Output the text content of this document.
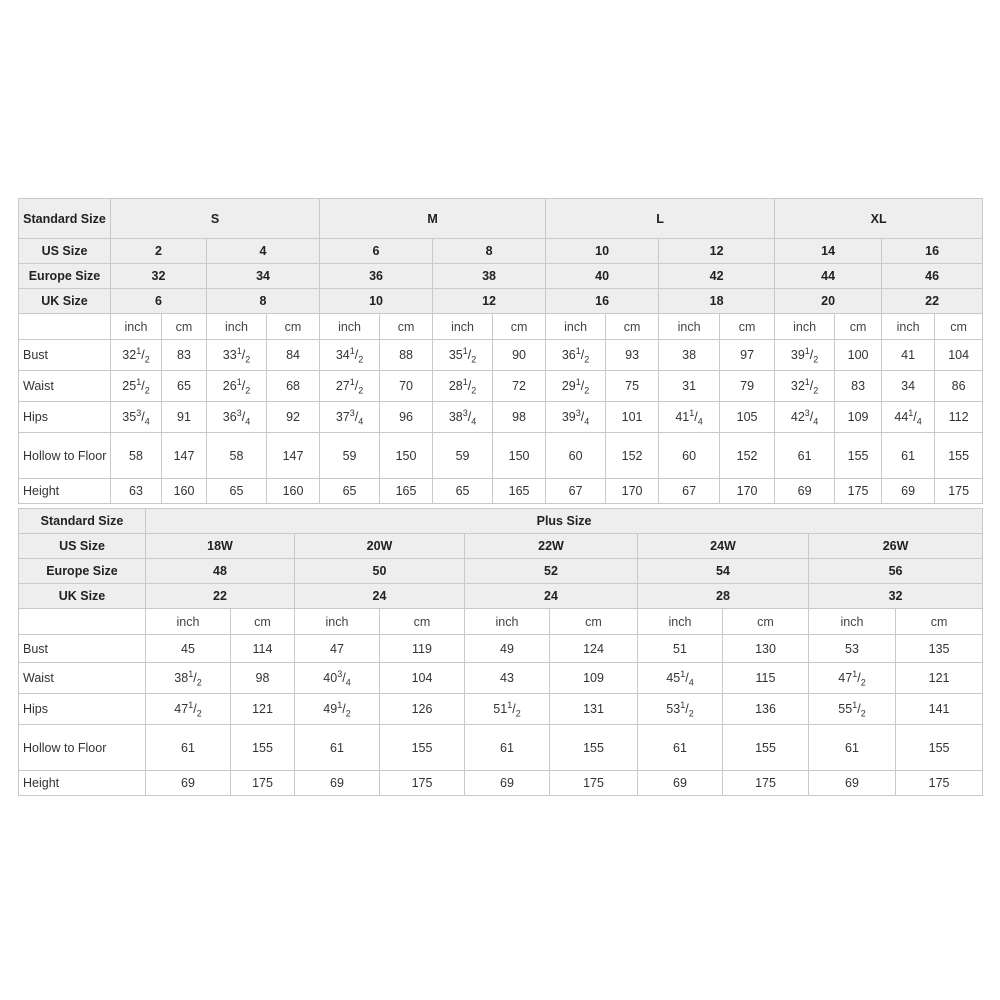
Standard Size	S				M				L				XL			
US Size	2		4		6		8		10		12		14		16	
Europe Size	32		34		36		38		40		42		44		46	
UK Size	6		8		10		12		16		18		20		22	
	inch	cm	inch	cm	inch	cm	inch	cm	inch	cm	inch	cm	inch	cm	inch	cm
Bust	$32^1/_2$	83	$33^1/_2$	84	$34^1/_2$	88	$35^1/_2$	90	$36^1/_2$	93	38	97	$39^1/_2$	100	41	104
Waist	$25^1/_2$	65	$26^1/_2$	68	$27^1/_2$	70	$28^1/_2$	72	$29^1/_2$	75	31	79	$32^1/_2$	83	34	86
Hips	$35^3/_4$	91	$36^3/_4$	92	$37^3/_4$	96	$38^3/_4$	98	$39^3/_4$	101	$41^1/_4$	105	$42^3/_4$	109	$44^1/_4$	112
Hollow to Floor	58	147	58	147	59	150	59	150	60	152	60	152	61	155	61	155
Height	63	160	65	160	65	165	65	165	67	170	67	170	69	175	69	175
Standard Size	Plus Size									
US Size	18W		20W		22W		24W		26W	
Europe Size	48		50		52		54		56	
UK Size	22		24		24		28		32	
	inch	cm	inch	cm	inch	cm	inch	cm	inch	cm
Bust	45	114	47	119	49	124	51	130	53	135
Waist	$38^1/_2$	98	$40^3/_4$	104	43	109	$45^1/_4$	115	$47^1/_2$	121
Hips	$47^1/_2$	121	$49^1/_2$	126	$51^1/_2$	131	$53^1/_2$	136	$55^1/_2$	141
Hollow to Floor	61	155	61	155	61	155	61	155	61	155
Height	69	175	69	175	69	175	69	175	69	175
